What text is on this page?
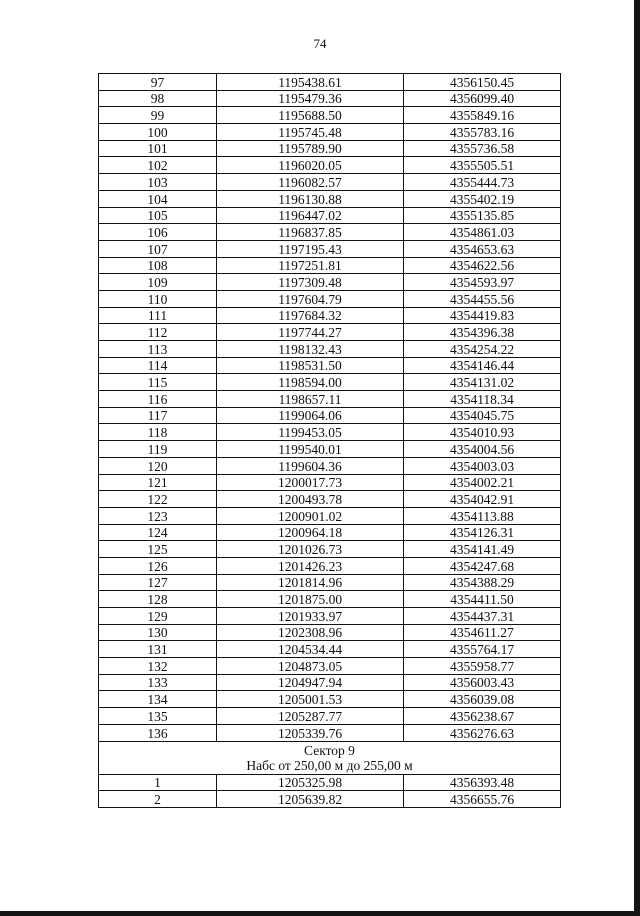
74
97	1195438.61	4356150.45
98	1195479.36	4356099.40
99	1195688.50	4355849.16
100	1195745.48	4355783.16
101	1195789.90	4355736.58
102	1196020.05	4355505.51
103	1196082.57	4355444.73
104	1196130.88	4355402.19
105	1196447.02	4355135.85
106	1196837.85	4354861.03
107	1197195.43	4354653.63
108	1197251.81	4354622.56
109	1197309.48	4354593.97
110	1197604.79	4354455.56
111	1197684.32	4354419.83
112	1197744.27	4354396.38
113	1198132.43	4354254.22
114	1198531.50	4354146.44
115	1198594.00	4354131.02
116	1198657.11	4354118.34
117	1199064.06	4354045.75
118	1199453.05	4354010.93
119	1199540.01	4354004.56
120	1199604.36	4354003.03
121	1200017.73	4354002.21
122	1200493.78	4354042.91
123	1200901.02	4354113.88
124	1200964.18	4354126.31
125	1201026.73	4354141.49
126	1201426.23	4354247.68
127	1201814.96	4354388.29
128	1201875.00	4354411.50
129	1201933.97	4354437.31
130	1202308.96	4354611.27
131	1204534.44	4355764.17
132	1204873.05	4355958.77
133	1204947.94	4356003.43
134	1205001.53	4356039.08
135	1205287.77	4356238.67
136	1205339.76	4356276.63

Сектор 9
Набс от 250,00 м до 255,00 м		

1	1205325.98	4356393.48
2	1205639.82	4356655.76
